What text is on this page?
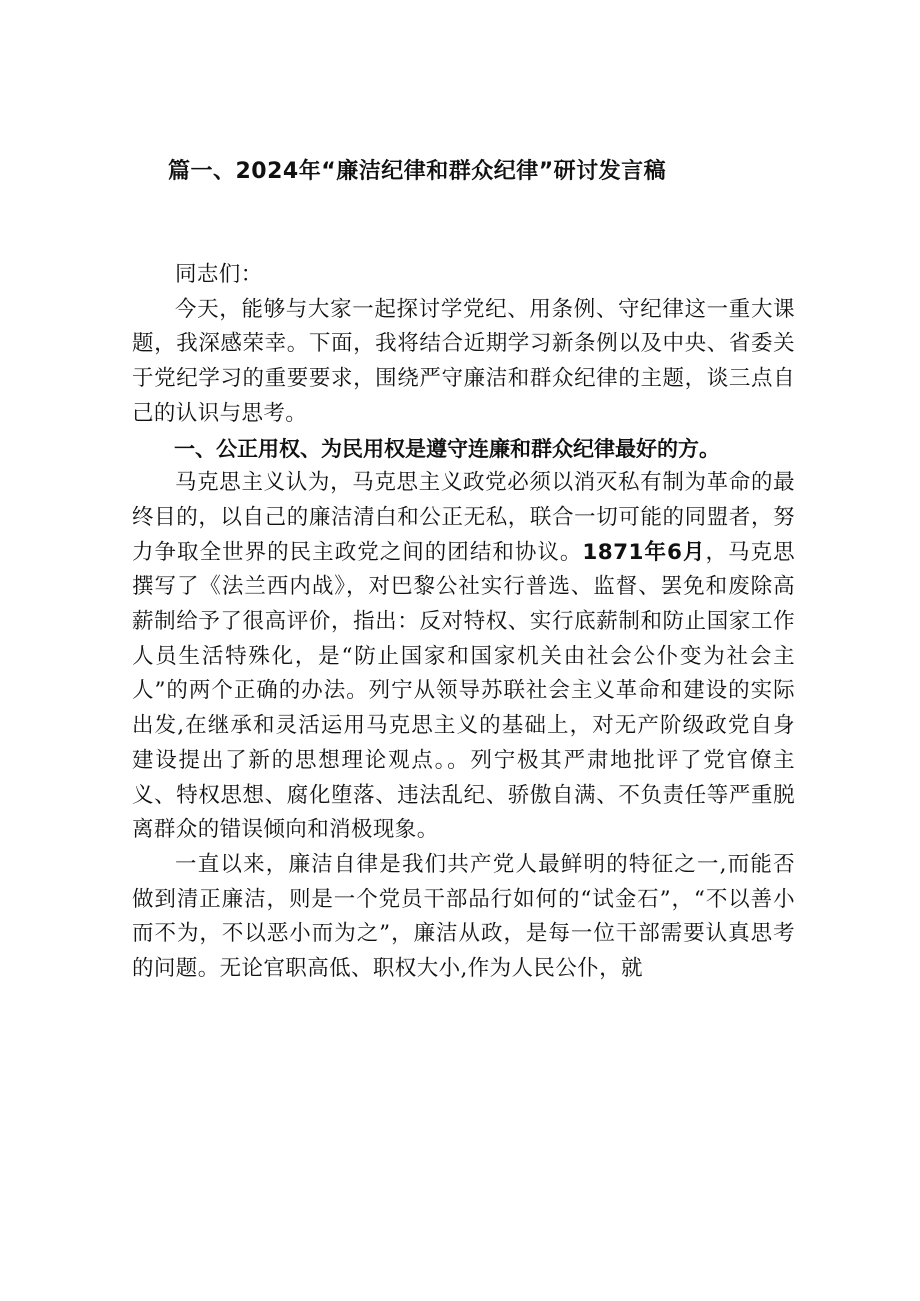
篇一、2024年“廉洁纪律和群众纪律”研讨发言稿

同志们：

今天，能够与大家一起探讨学党纪、用条例、守纪律这一重大课题，我深感荣幸。下面，我将结合近期学习新条例以及中央、省委关于党纪学习的重要要求，围绕严守廉洁和群众纪律的主题，谈三点自己的认识与思考。

一、公正用权、为民用权是遵守连廉和群众纪律最好的方。

马克思主义认为，马克思主义政党必须以消灭私有制为革命的最终目的，以自己的廉洁清白和公正无私，联合一切可能的同盟者，努力争取全世界的民主政党之间的团结和协议。1871年6月，马克思撰写了《法兰西内战》，对巴黎公社实行普选、监督、罢免和废除高薪制给予了很高评价，指出：反对特权、实行底薪制和防止国家工作人员生活特殊化，是“防止国家和国家机关由社会公仆变为社会主人”的两个正确的办法。列宁从领导苏联社会主义革命和建设的实际出发,在继承和灵活运用马克思主义的基础上，对无产阶级政党自身建设提出了新的思想理论观点。。列宁极其严肃地批评了党官僚主义、特权思想、腐化堕落、违法乱纪、骄傲自满、不负责任等严重脱离群众的错误倾向和消极现象。

一直以来，廉洁自律是我们共产党人最鲜明的特征之一,而能否做到清正廉洁，则是一个党员干部品行如何的“试金石”，“不以善小而不为，不以恶小而为之”，廉洁从政，是每一位干部需要认真思考的问题。无论官职高低、职权大小,作为人民公仆，就
